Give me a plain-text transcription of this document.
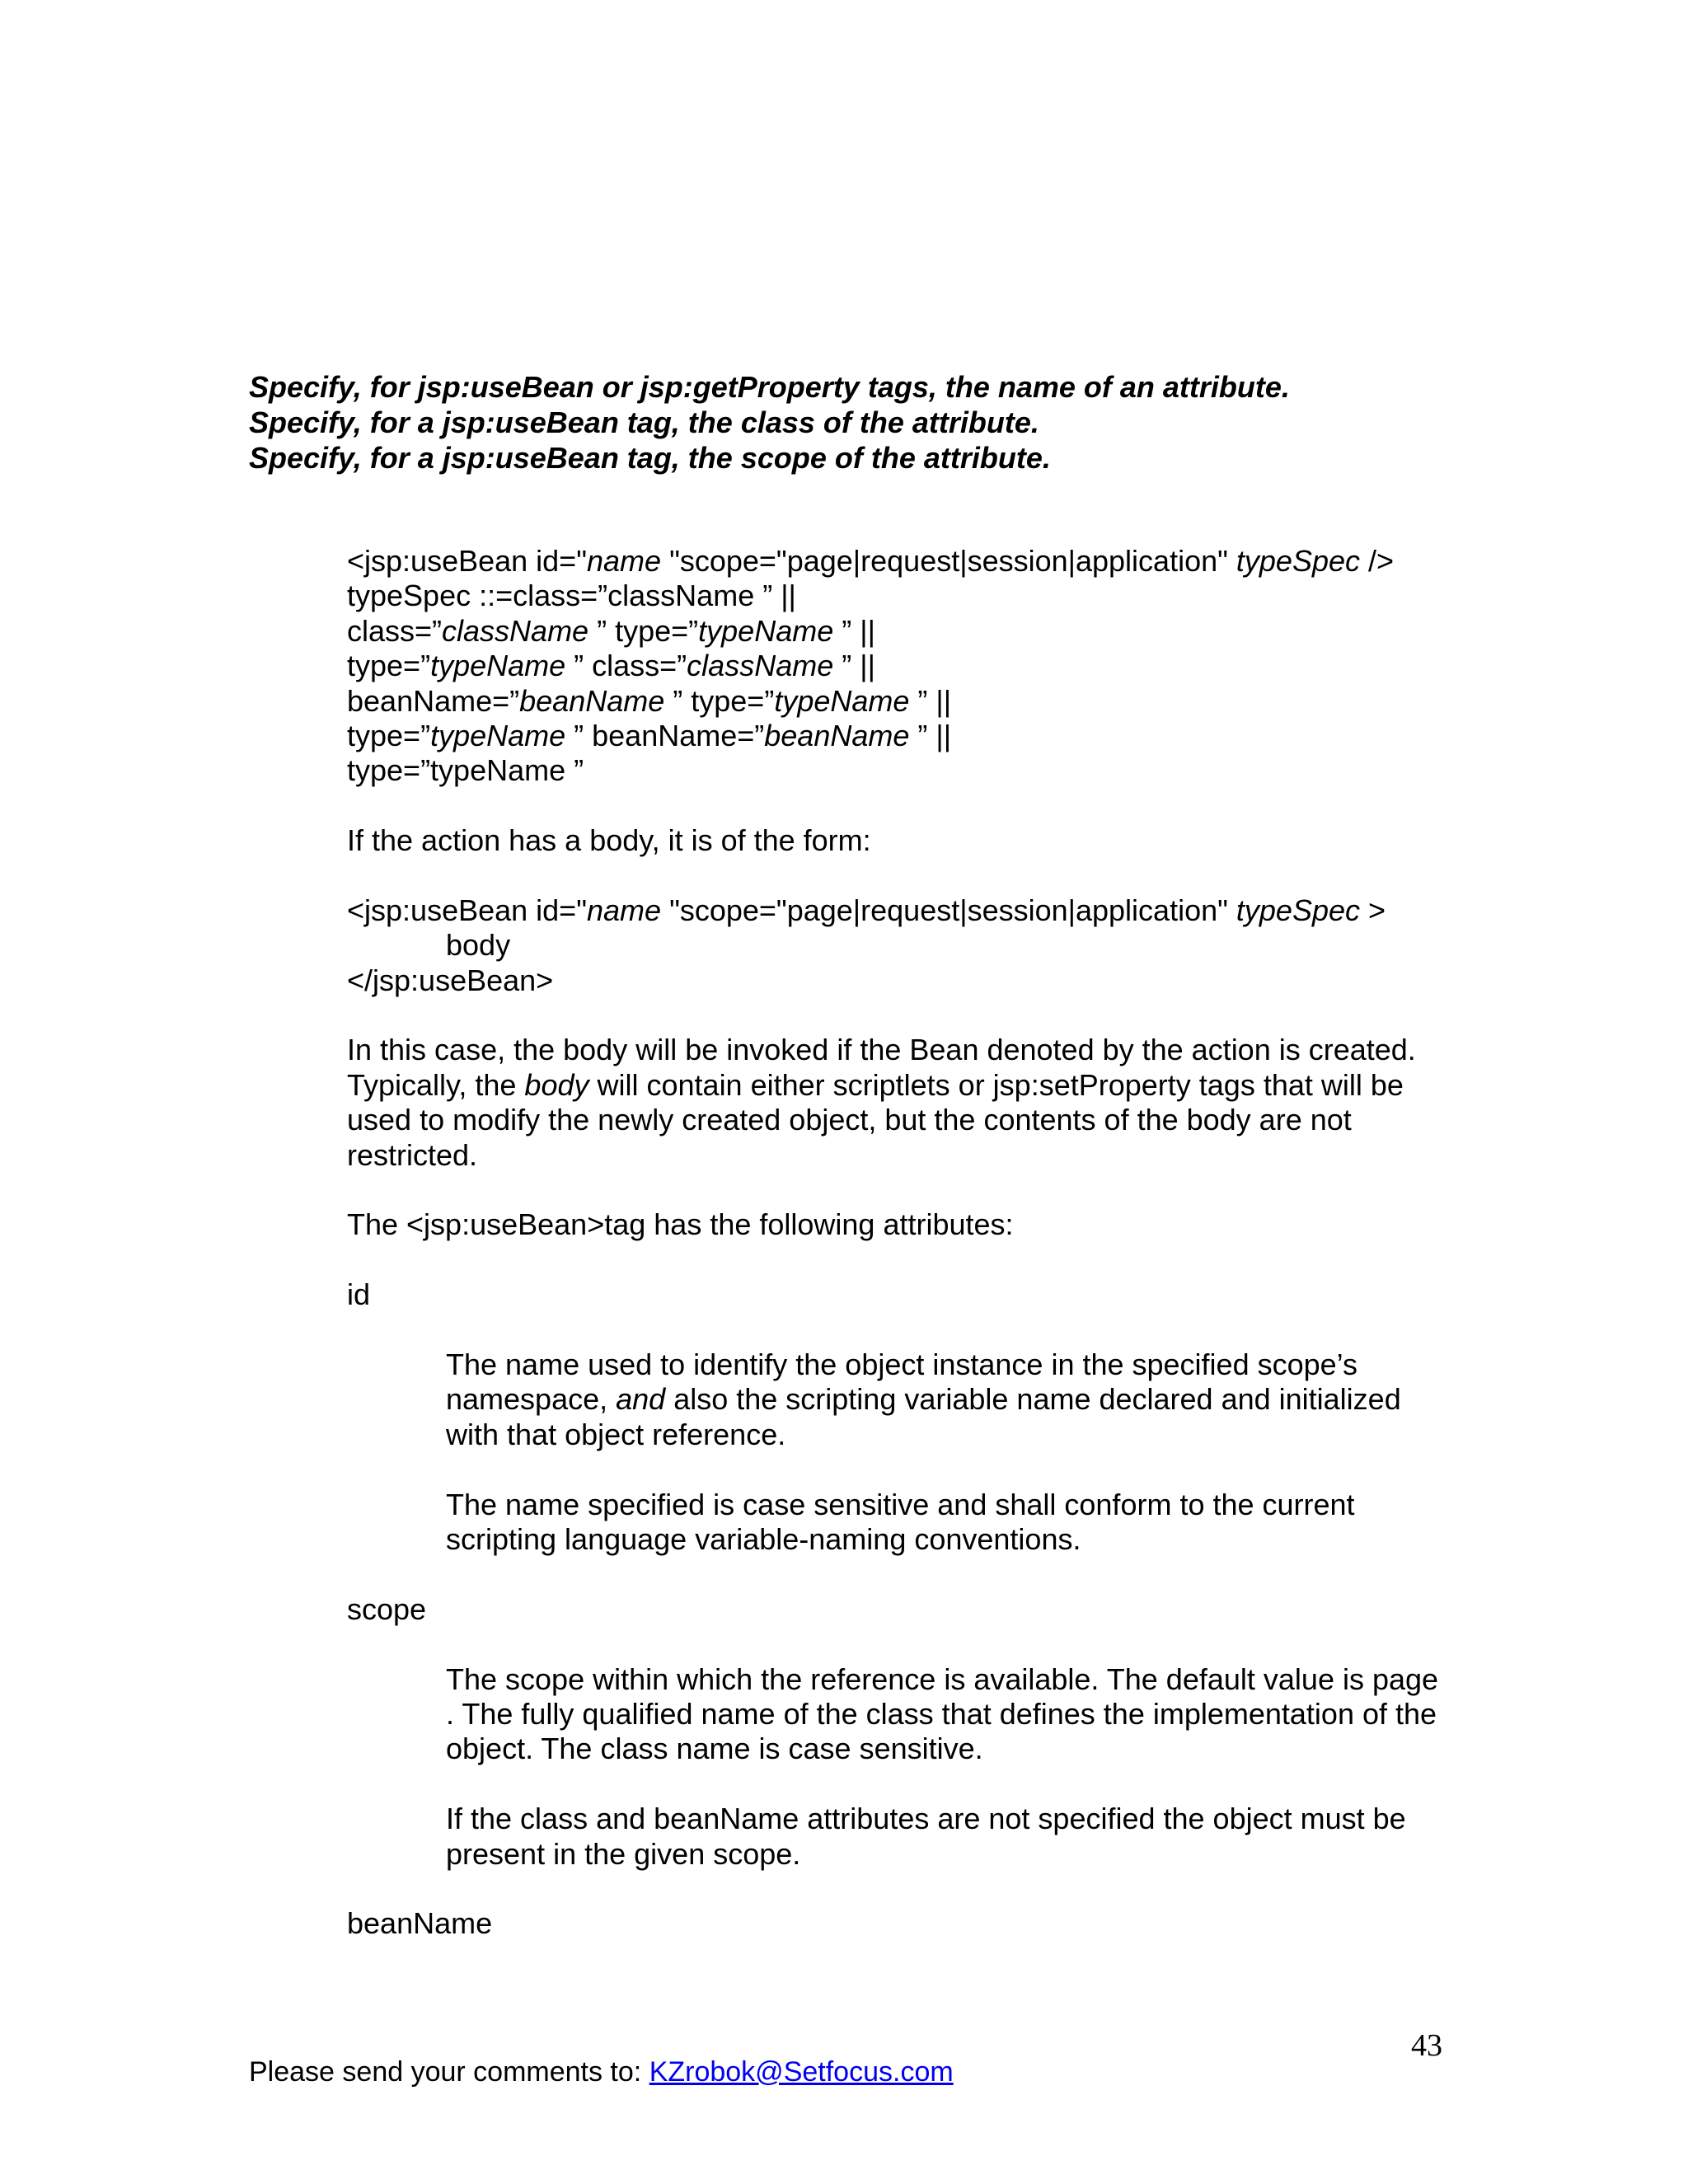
Specify, for jsp:useBean or jsp:getProperty tags, the name of an attribute.
Specify, for a jsp:useBean tag, the class of the attribute.
Specify, for a jsp:useBean tag, the scope of the attribute.
<jsp:useBean id="name "scope="page|request|session|application" typeSpec />
typeSpec ::=class=”className ” ||
class=”className ” type=”typeName ” ||
type=”typeName ” class=”className ” ||
beanName=”beanName ” type=”typeName ” ||
type=”typeName ” beanName=”beanName ” ||
type=”typeName ”
If the action has a body, it is of the form:
<jsp:useBean id="name "scope="page|request|session|application" typeSpec >
body
</jsp:useBean>
In this case, the body will be invoked if the Bean denoted by the action is created. Typically, the body will contain either scriptlets or jsp:setProperty tags that will be used to modify the newly created object, but the contents of the body are not restricted.
The <jsp:useBean>tag has the following attributes:
id
The name used to identify the object instance in the specified scope’s namespace, and also the scripting variable name declared and initialized with that object reference.
The name specified is case sensitive and shall conform to the current scripting language variable-naming conventions.
scope
The scope within which the reference is available. The default value is page . The fully qualified name of the class that defines the implementation of the object. The class name is case sensitive.
If the class and beanName attributes are not specified the object must be present in the given scope.
beanName
43
Please send your comments to: KZrobok@Setfocus.com
